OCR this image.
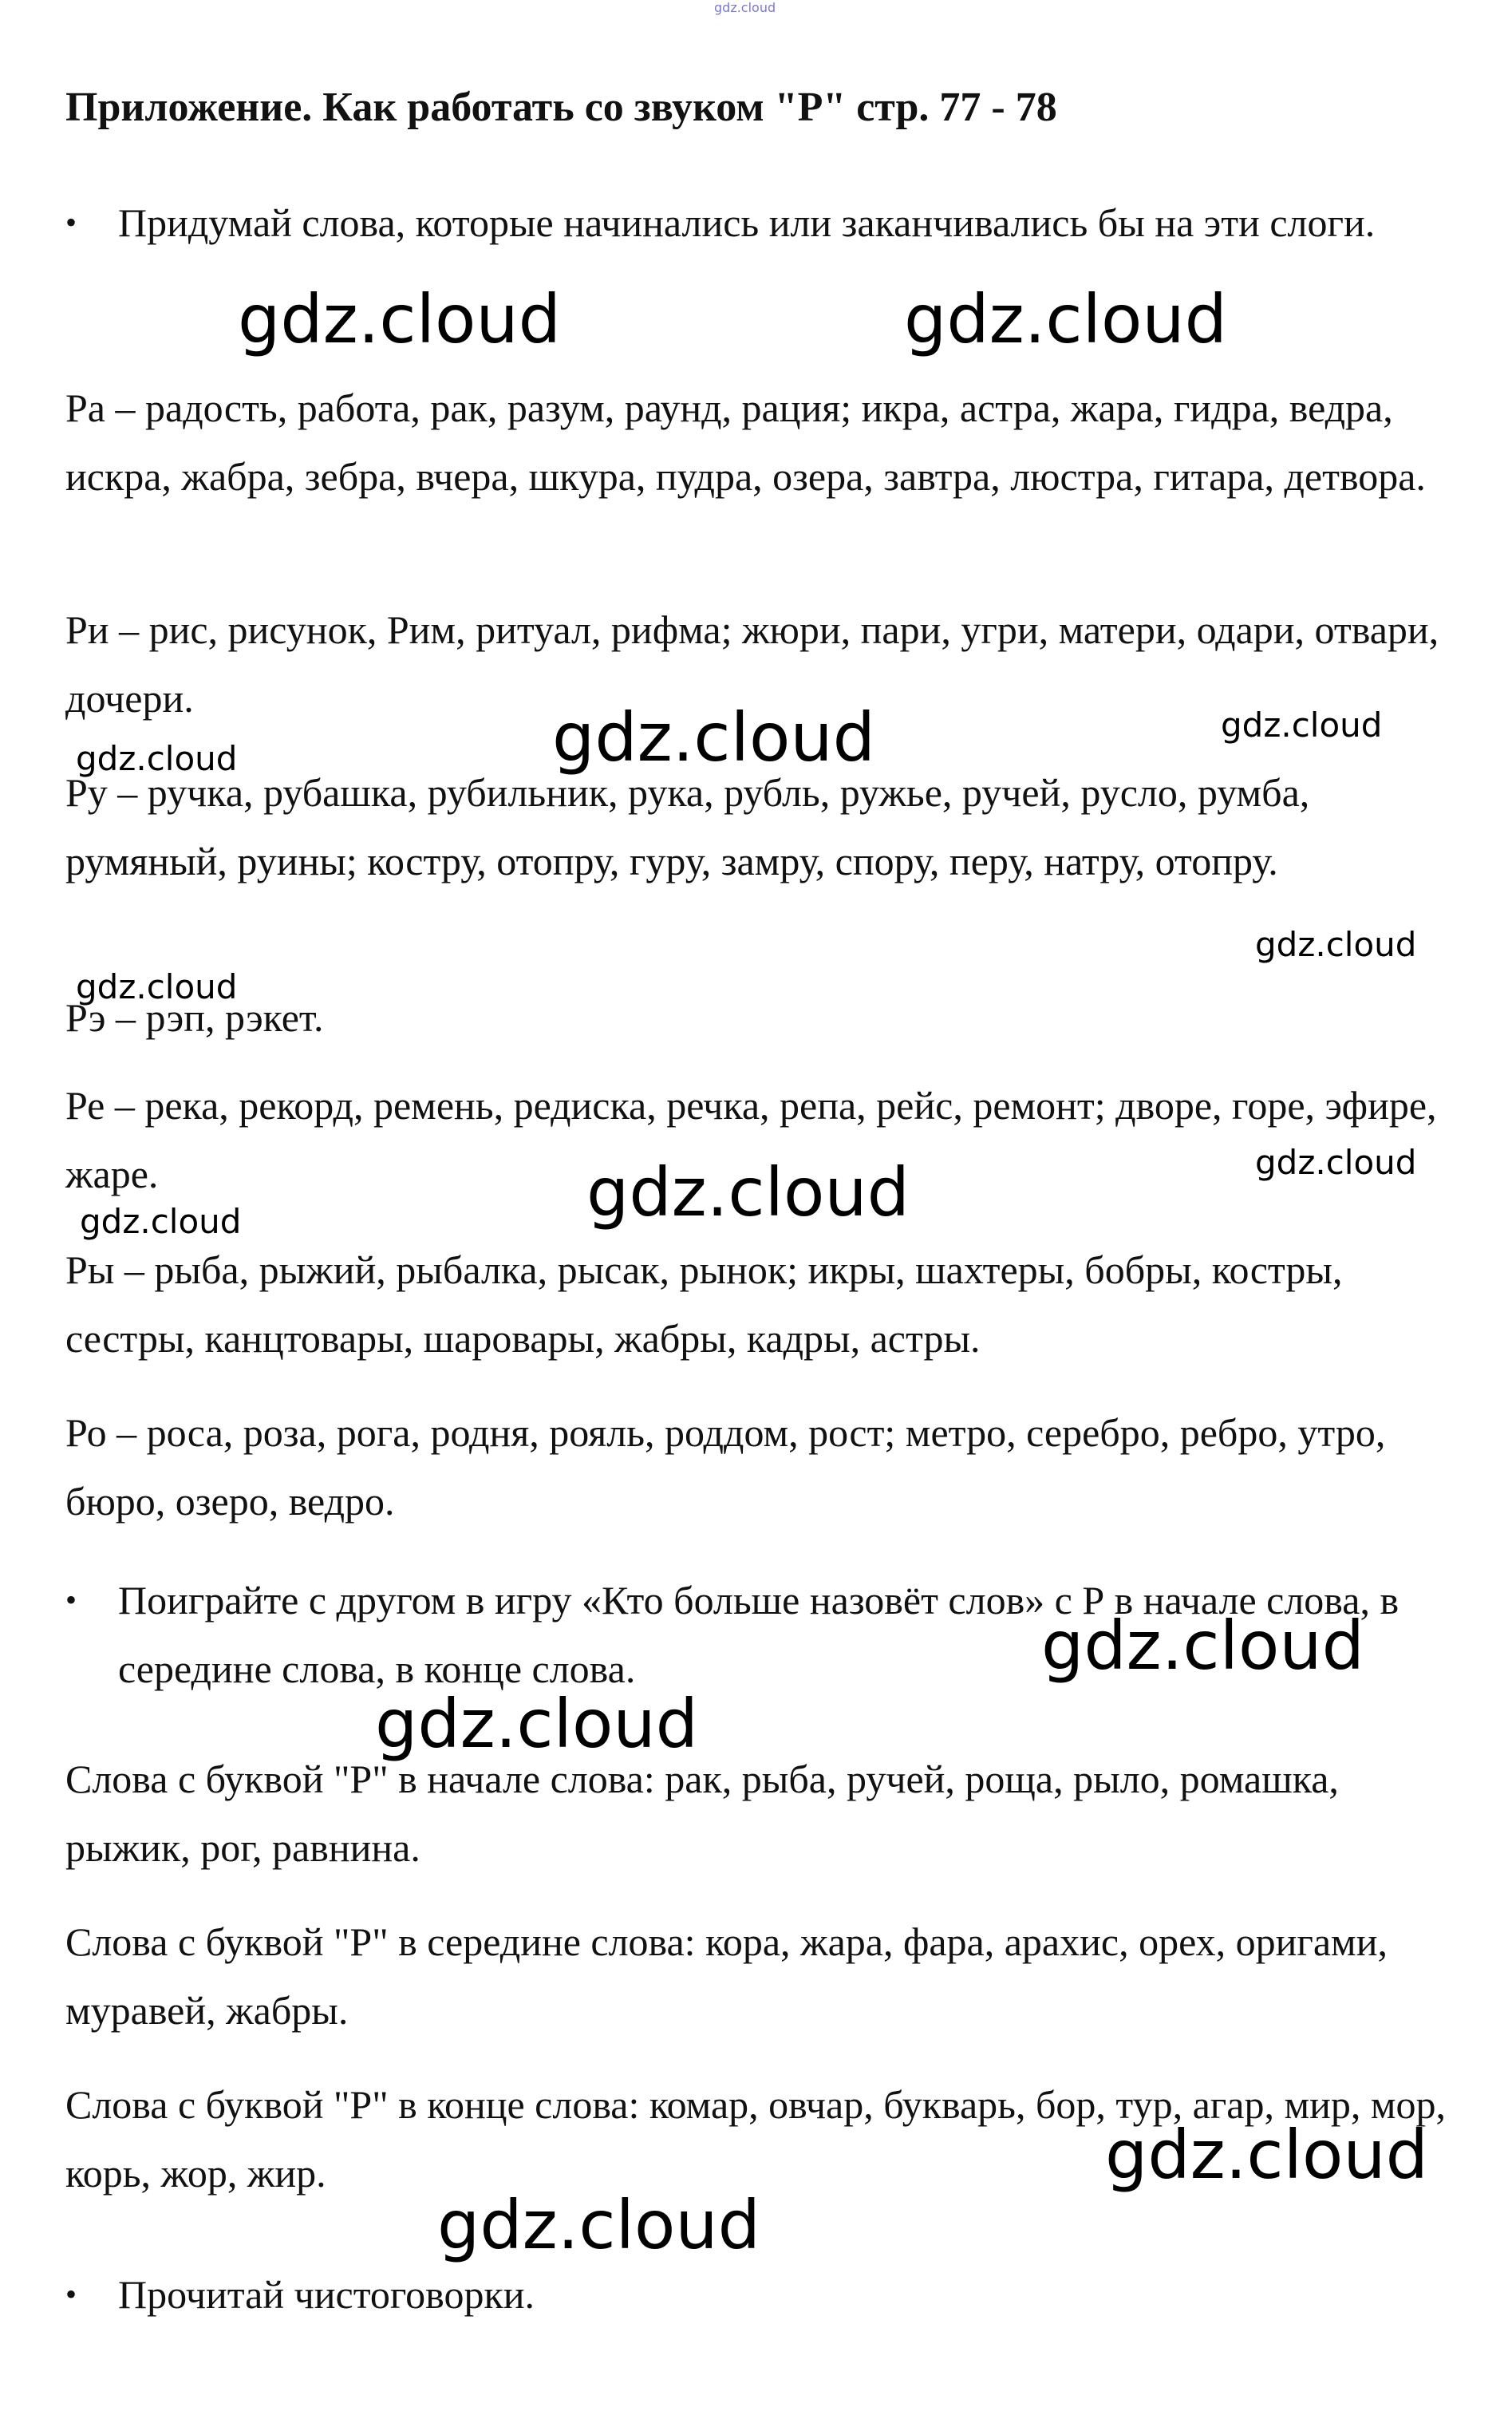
gdz.cloud
Приложение. Как работать со звуком "Р" стр. 77 - 78
•	Придумай слова, которые начинались или заканчивались бы на эти слоги.

Ра – радость, работа, рак, разум, раунд, рация; икра, астра, жара, гидра, ведра, искра, жабра, зебра, вчера, шкура, пудра, озера, завтра, люстра, гитара, детвора.

Ри – рис, рисунок, Рим, ритуал, рифма; жюри, пари, угри, матери, одари, отвари, дочери.

Ру – ручка, рубашка, рубильник, рука, рубль, ружье, ручей, русло, румба, румяный, руины; костру, отопру, гуру, замру, спору, перу, натру, отопру.

Рэ – рэп, рэкет.

Ре – река, рекорд, ремень, редиска, речка, репа, рейс, ремонт; дворе, горе, эфире, жаре.

Ры – рыба, рыжий, рыбалка, рысак, рынок; икры, шахтеры, бобры, костры, сестры, канцтовары, шаровары, жабры, кадры, астры.

Ро – роса, роза, рога, родня, рояль, роддом, рост; метро, серебро, ребро, утро, бюро, озеро, ведро.

•	Поиграйте с другом в игру «Кто больше назовёт слов» с Р в начале слова, в середине слова, в конце слова.

Слова с буквой "Р" в начале слова: рак, рыба, ручей, роща, рыло, ромашка, рыжик, рог, равнина.

Слова с буквой "Р" в середине слова: кора, жара, фара, арахис, орех, оригами, муравей, жабры.

Слова с буквой "Р" в конце слова: комар, овчар, букварь, бор, тур, агар, мир, мор, корь, жор, жир.

•	Прочитай чистоговорки.
gdz.cloud	gdz.cloud
gdz.cloud	gdz.cloud
gdz.cloud
gdz.cloud
gdz.cloud
gdz.cloud
gdz.cloud
gdz.cloud
gdz.cloud
gdz.cloud
gdz.cloud
gdz.cloud
